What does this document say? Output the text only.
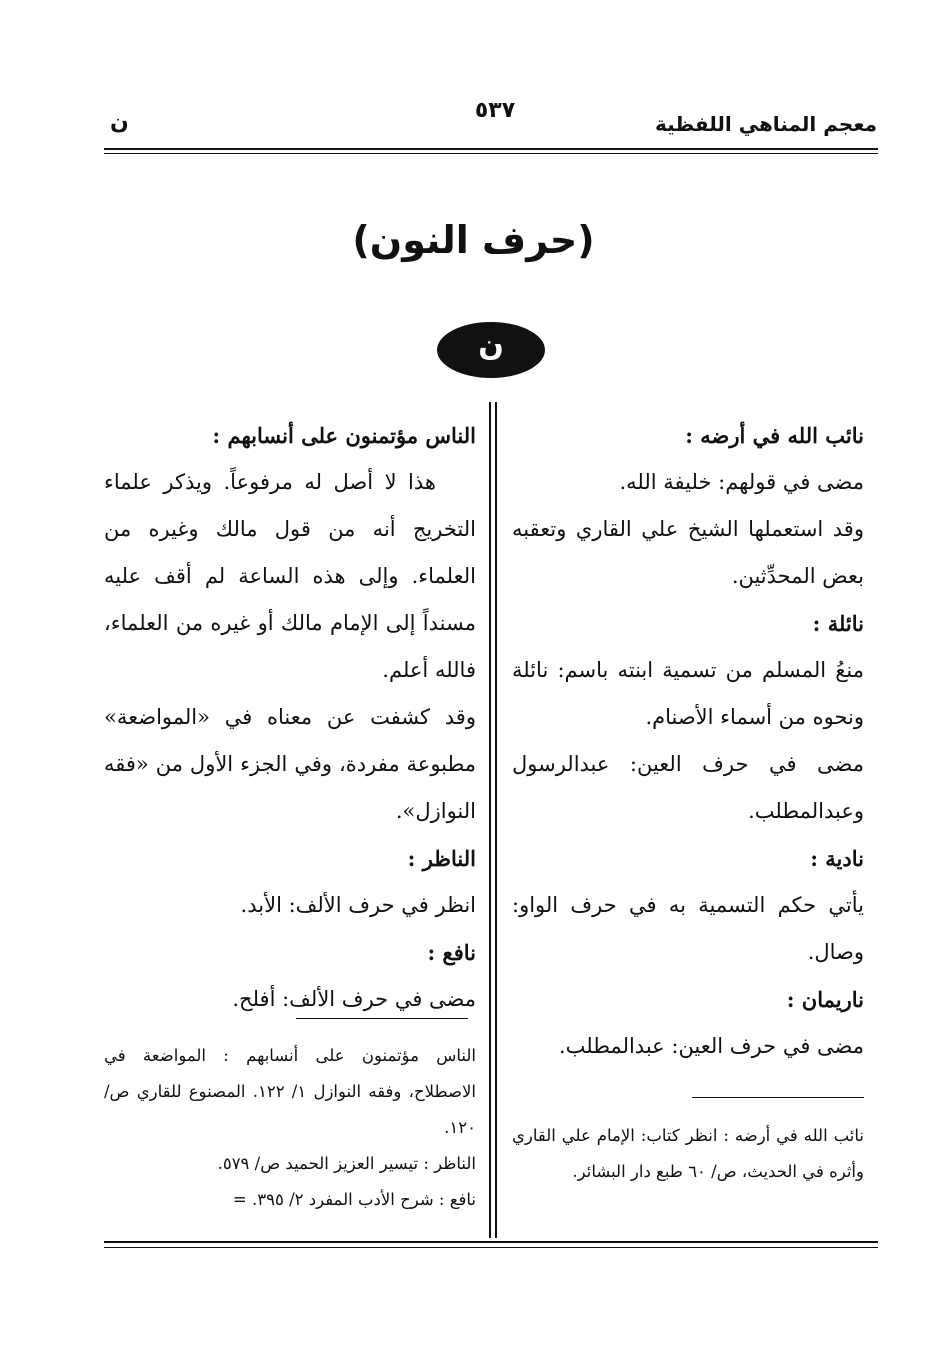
معجم المناهي اللفظية
٥٣٧
ن
(حرف النون)
ن

نائب الله في أرضه :

مضى في قولهم: خليفة الله.
وقد استعملها الشيخ علي القاري وتعقبه بعض المحدِّثين.

نائلة :

منعُ المسلم من تسمية ابنته باسم: نائلة ونحوه من أسماء الأصنام.
مضى في حرف العين: عبدالرسول وعبدالمطلب.

نادية :

يأتي حكم التسمية به في حرف الواو: وصال.

ناريمان :

مضى في حرف العين: عبدالمطلب.

الناس مؤتمنون على أنسابهم :

هذا لا أصل له مرفوعاً. ويذكر علماء التخريج أنه من قول مالك وغيره من العلماء. وإلى هذه الساعة لم أقف عليه مسنداً إلى الإمام مالك أو غيره من العلماء، فالله أعلم.
وقد كشفت عن معناه في «المواضعة» مطبوعة مفردة، وفي الجزء الأول من «فقه النوازل».

الناظر :

انظر في حرف الألف: الأبد.

نافع :

مضى في حرف الألف: أفلح.

نائب الله في أرضه : انظر كتاب: الإمام علي القاري وأثره في الحديث، ص/ ٦٠ طبع دار البشائر.

الناس مؤتمنون على أنسابهم : المواضعة في الاصطلاح، وفقه النوازل ١/ ١٢٢. المصنوع للقاري ص/ ١٢٠.

الناظر : تيسير العزيز الحميد ص/ ٥٧٩.

نافع : شرح الأدب المفرد ٢/ ٣٩٥. =
